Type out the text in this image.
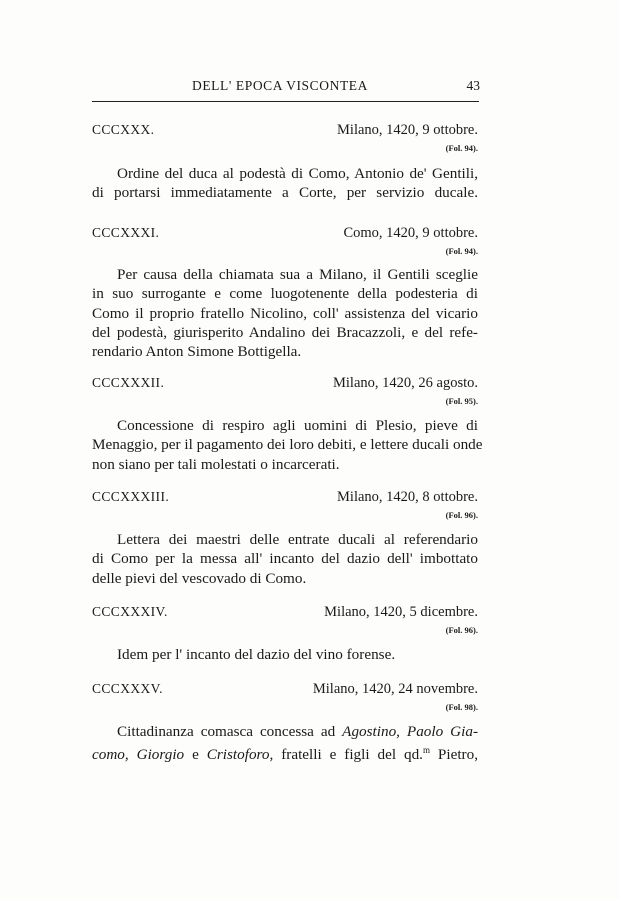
DELL' EPOCA VISCONTEA	43
CCCXXX.	Milano, 1420, 9 ottobre.
(Fol. 94).
Ordine del duca al podestà di Como, Antonio de' Gentili,
di portarsi immediatamente a Corte, per servizio ducale.
CCCXXXI.	Como, 1420, 9 ottobre.
(Fol. 94).
Per causa della chiamata sua a Milano, il Gentili sceglie
in suo surrogante e come luogotenente della podesteria di
Como il proprio fratello Nicolino, coll' assistenza del vicario
del podestà, giurisperito Andalino dei Bracazzoli, e del refe-
rendario Anton Simone Bottigella.
CCCXXXII.	Milano, 1420, 26 agosto.
(Fol. 95).
Concessione di respiro agli uomini di Plesio, pieve di
Menaggio, per il pagamento dei loro debiti, e lettere ducali onde
non siano per tali molestati o incarcerati.
CCCXXXIII.	Milano, 1420, 8 ottobre.
(Fol. 96).
Lettera dei maestri delle entrate ducali al referendario
di Como per la messa all' incanto del dazio dell' imbottato
delle pievi del vescovado di Como.
CCCXXXIV.	Milano, 1420, 5 dicembre.
(Fol. 96).
Idem per l' incanto del dazio del vino forense.
CCCXXXV.	Milano, 1420, 24 novembre.
(Fol. 98).
Cittadinanza comasca concessa ad Agostino, Paolo Gia-
como, Giorgio e Cristoforo, fratelli e figli del qd.$^m$ Pietro,
